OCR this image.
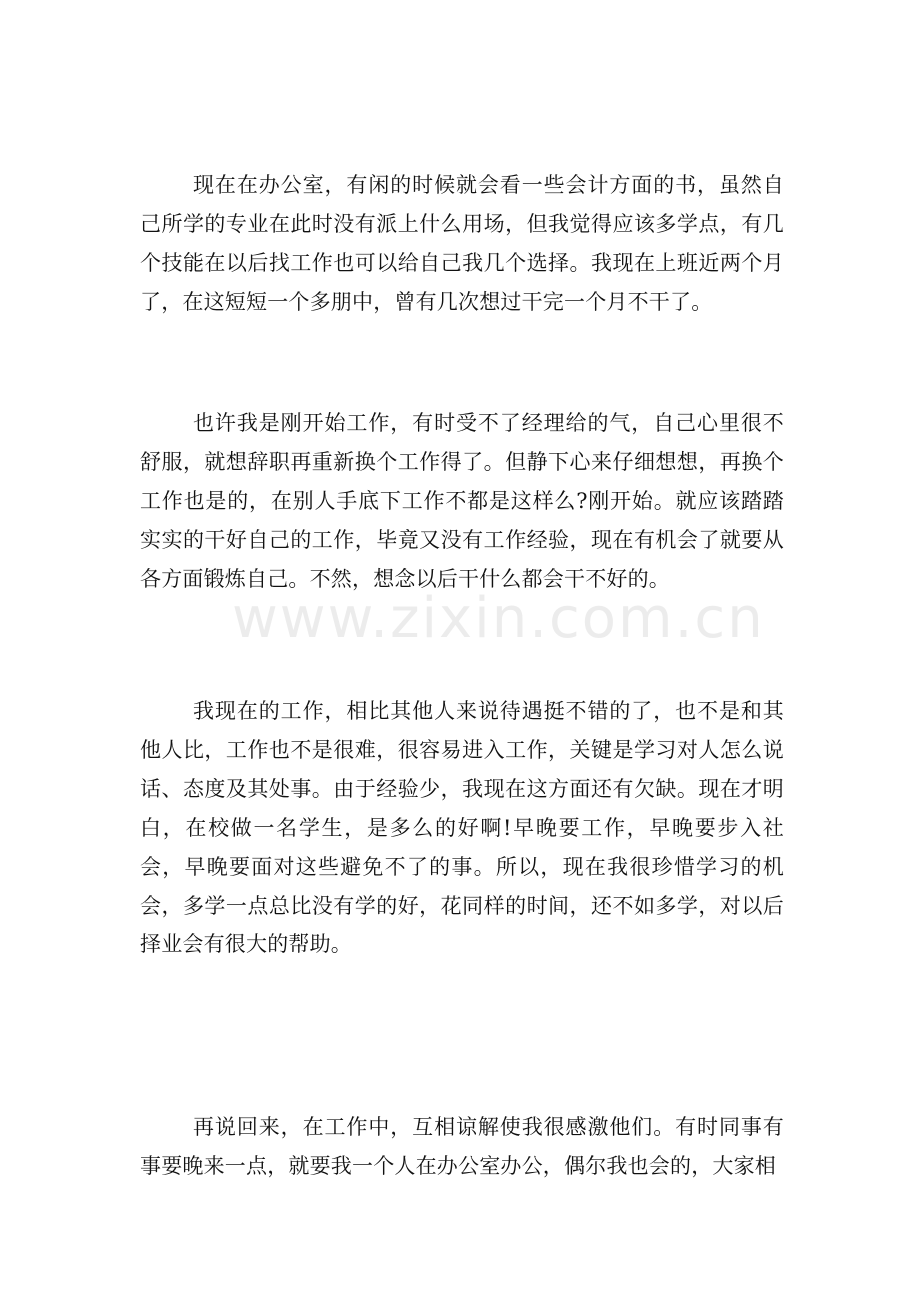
现在在办公室，有闲的时候就会看一些会计方面的书，虽然自己所学的专业在此时没有派上什么用场，但我觉得应该多学点，有几个技能在以后找工作也可以给自己我几个选择。我现在上班近两个月了，在这短短一个多朋中，曾有几次想过干完一个月不干了。

也许我是刚开始工作，有时受不了经理给的气，自己心里很不舒服，就想辞职再重新换个工作得了。但静下心来仔细想想，再换个工作也是的，在别人手底下工作不都是这样么?刚开始。就应该踏踏实实的干好自己的工作，毕竟又没有工作经验，现在有机会了就要从各方面锻炼自己。不然，想念以后干什么都会干不好的。

我现在的工作，相比其他人来说待遇挺不错的了，也不是和其他人比，工作也不是很难，很容易进入工作，关键是学习对人怎么说话、态度及其处事。由于经验少，我现在这方面还有欠缺。现在才明白，在校做一名学生，是多么的好啊!早晚要工作，早晚要步入社会，早晚要面对这些避免不了的事。所以，现在我很珍惜学习的机会，多学一点总比没有学的好，花同样的时间，还不如多学，对以后择业会有很大的帮助。

再说回来，在工作中，互相谅解使我很感激他们。有时同事有事要晚来一点，就要我一个人在办公室办公，偶尔我也会的，大家相

www.zixin.com.cn
